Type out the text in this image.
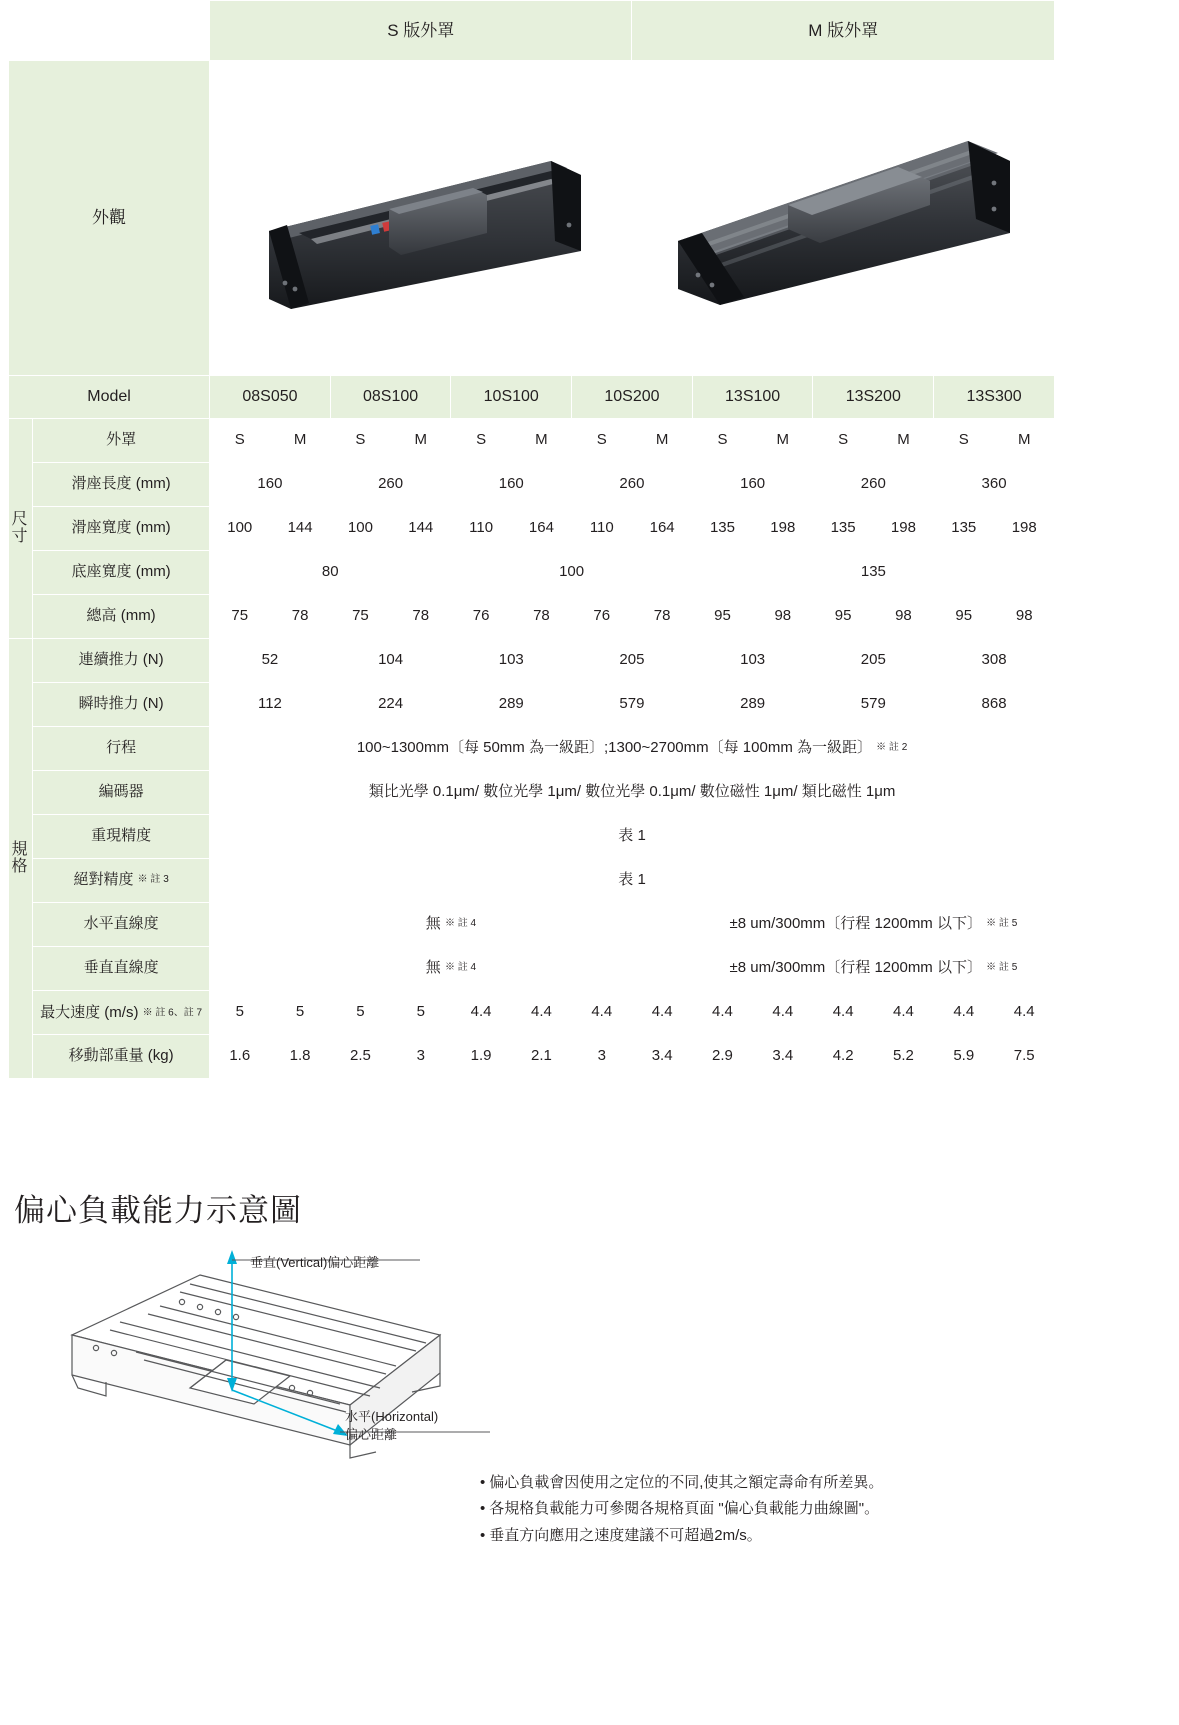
		S 版外罩							M 版外罩						
外觀	

Model		08S050		08S100		10S100		10S200		13S100		13S200		13S300	

尺寸	外罩	S	M	S	M	S	M	S	M	S	M	S	M	S	M
	滑座長度 (mm)	160		260		160		260		160		260		360	
	滑座寬度 (mm)	100	144	100	144	110	164	110	164	135	198	135	198	135	198
	底座寬度 (mm)	80				100				135					
	總高 (mm)	75	78	75	78	76	78	76	78	95	98	95	98	95	98

規格	連續推力 (N)	52		104		103		205		103		205		308	
	瞬時推力 (N)	112		224		289		579		289		579		868	
	行程	100~1300mm〔每 50mm 為一級距〕;1300~2700mm〔每 100mm 為一級距〕 ※ 註 2													
	編碼器	類比光學 0.1μm/ 數位光學 1μm/ 數位光學 0.1μm/ 數位磁性 1μm/ 類比磁性 1μm													
	重現精度	表 1													
	絕對精度 ※ 註 3	表 1													
	水平直線度	無 ※ 註 4								±8 um/300mm〔行程 1200mm 以下〕 ※ 註 5					
	垂直直線度	無 ※ 註 4								±8 um/300mm〔行程 1200mm 以下〕 ※ 註 5					
	最大速度 (m/s) ※ 註 6、註 7	5	5	5	5	4.4	4.4	4.4	4.4	4.4	4.4	4.4	4.4	4.4	4.4
	移動部重量 (kg)	1.6	1.8	2.5	3	1.9	2.1	3	3.4	2.9	3.4	4.2	5.2	5.9	7.5
偏心負載能力示意圖
垂直(Vertical)偏心距離
水平(Horizontal)
偏心距離
• 偏心負載會因使用之定位的不同,使其之額定壽命有所差異。
• 各規格負載能力可參閱各規格頁面 "偏心負載能力曲線圖"。
• 垂直方向應用之速度建議不可超過2m/s。
